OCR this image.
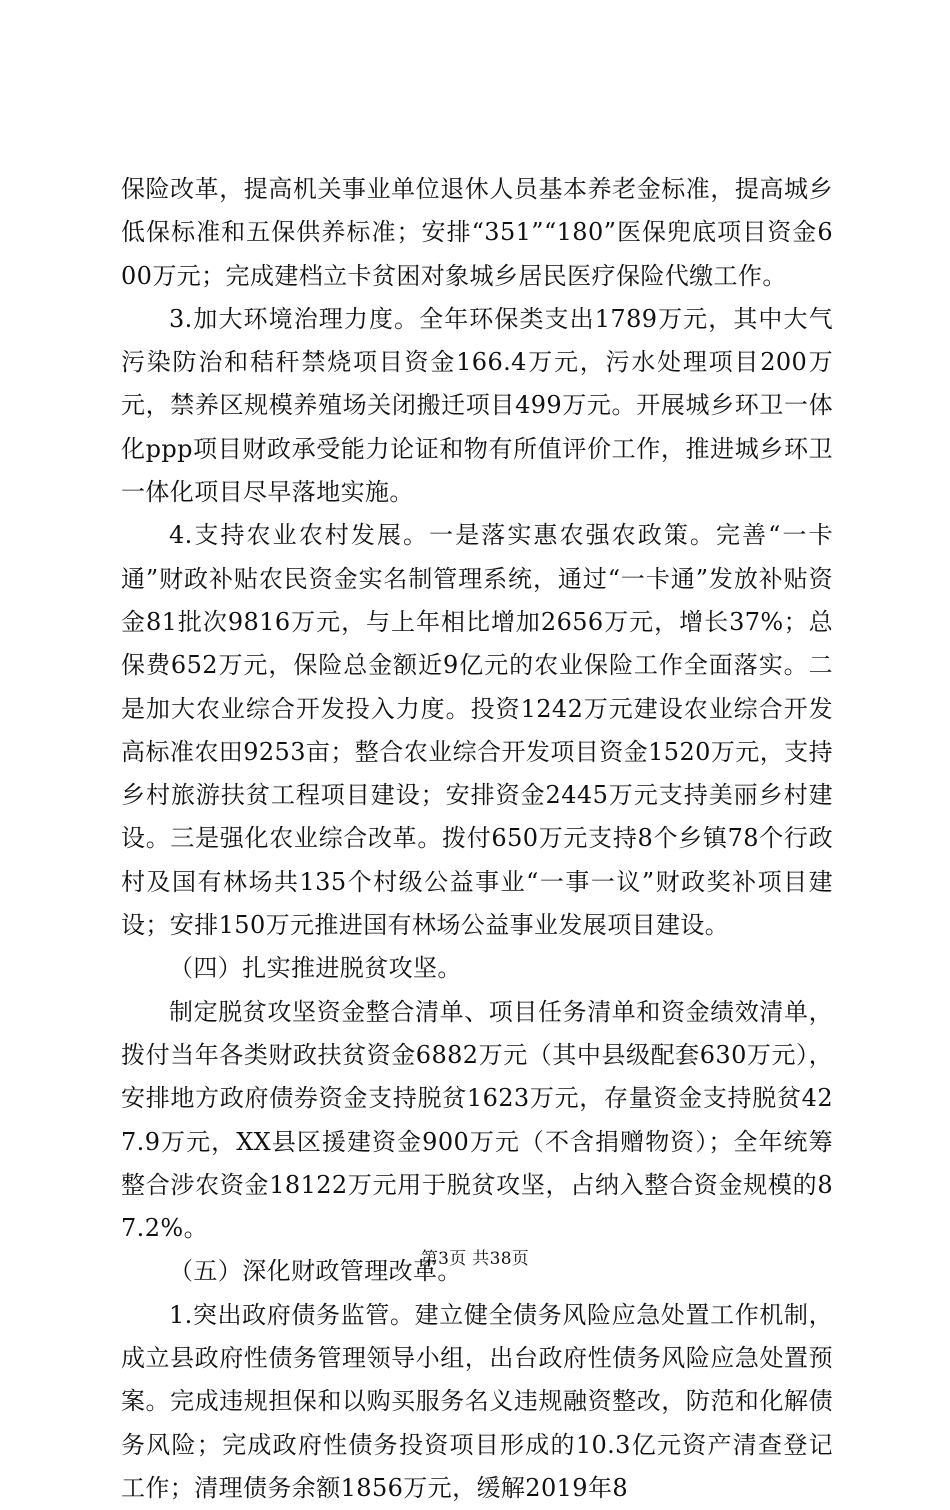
保险改革，提高机关事业单位退休人员基本养老金标准，提高城乡低保标准和五保供养标准；安排“351”“180”医保兜底项目资金600万元；完成建档立卡贫困对象城乡居民医疗保险代缴工作。

3.加大环境治理力度。全年环保类支出1789万元，其中大气污染防治和秸秆禁烧项目资金166.4万元，污水处理项目200万元，禁养区规模养殖场关闭搬迁项目499万元。开展城乡环卫一体化ppp项目财政承受能力论证和物有所值评价工作，推进城乡环卫一体化项目尽早落地实施。

4.支持农业农村发展。一是落实惠农强农政策。完善“一卡通”财政补贴农民资金实名制管理系统，通过“一卡通”发放补贴资金81批次9816万元，与上年相比增加2656万元，增长37%；总保费652万元，保险总金额近9亿元的农业保险工作全面落实。二是加大农业综合开发投入力度。投资1242万元建设农业综合开发高标准农田9253亩；整合农业综合开发项目资金1520万元，支持乡村旅游扶贫工程项目建设；安排资金2445万元支持美丽乡村建设。三是强化农业综合改革。拨付650万元支持8个乡镇78个行政村及国有林场共135个村级公益事业“一事一议”财政奖补项目建设；安排150万元推进国有林场公益事业发展项目建设。

（四）扎实推进脱贫攻坚。

制定脱贫攻坚资金整合清单、项目任务清单和资金绩效清单，拨付当年各类财政扶贫资金6882万元（其中县级配套630万元），安排地方政府债券资金支持脱贫1623万元，存量资金支持脱贫427.9万元，XX县区援建资金900万元（不含捐赠物资）；全年统筹整合涉农资金18122万元用于脱贫攻坚，占纳入整合资金规模的87.2%。

（五）深化财政管理改革。

1.突出政府债务监管。建立健全债务风险应急处置工作机制，成立县政府性债务管理领导小组，出台政府性债务风险应急处置预案。完成违规担保和以购买服务名义违规融资整改，防范和化解债务风险；完成政府性债务投资项目形成的10.3亿元资产清查登记工作；清理债务余额1856万元，缓解2019年8

第3页 共38页
